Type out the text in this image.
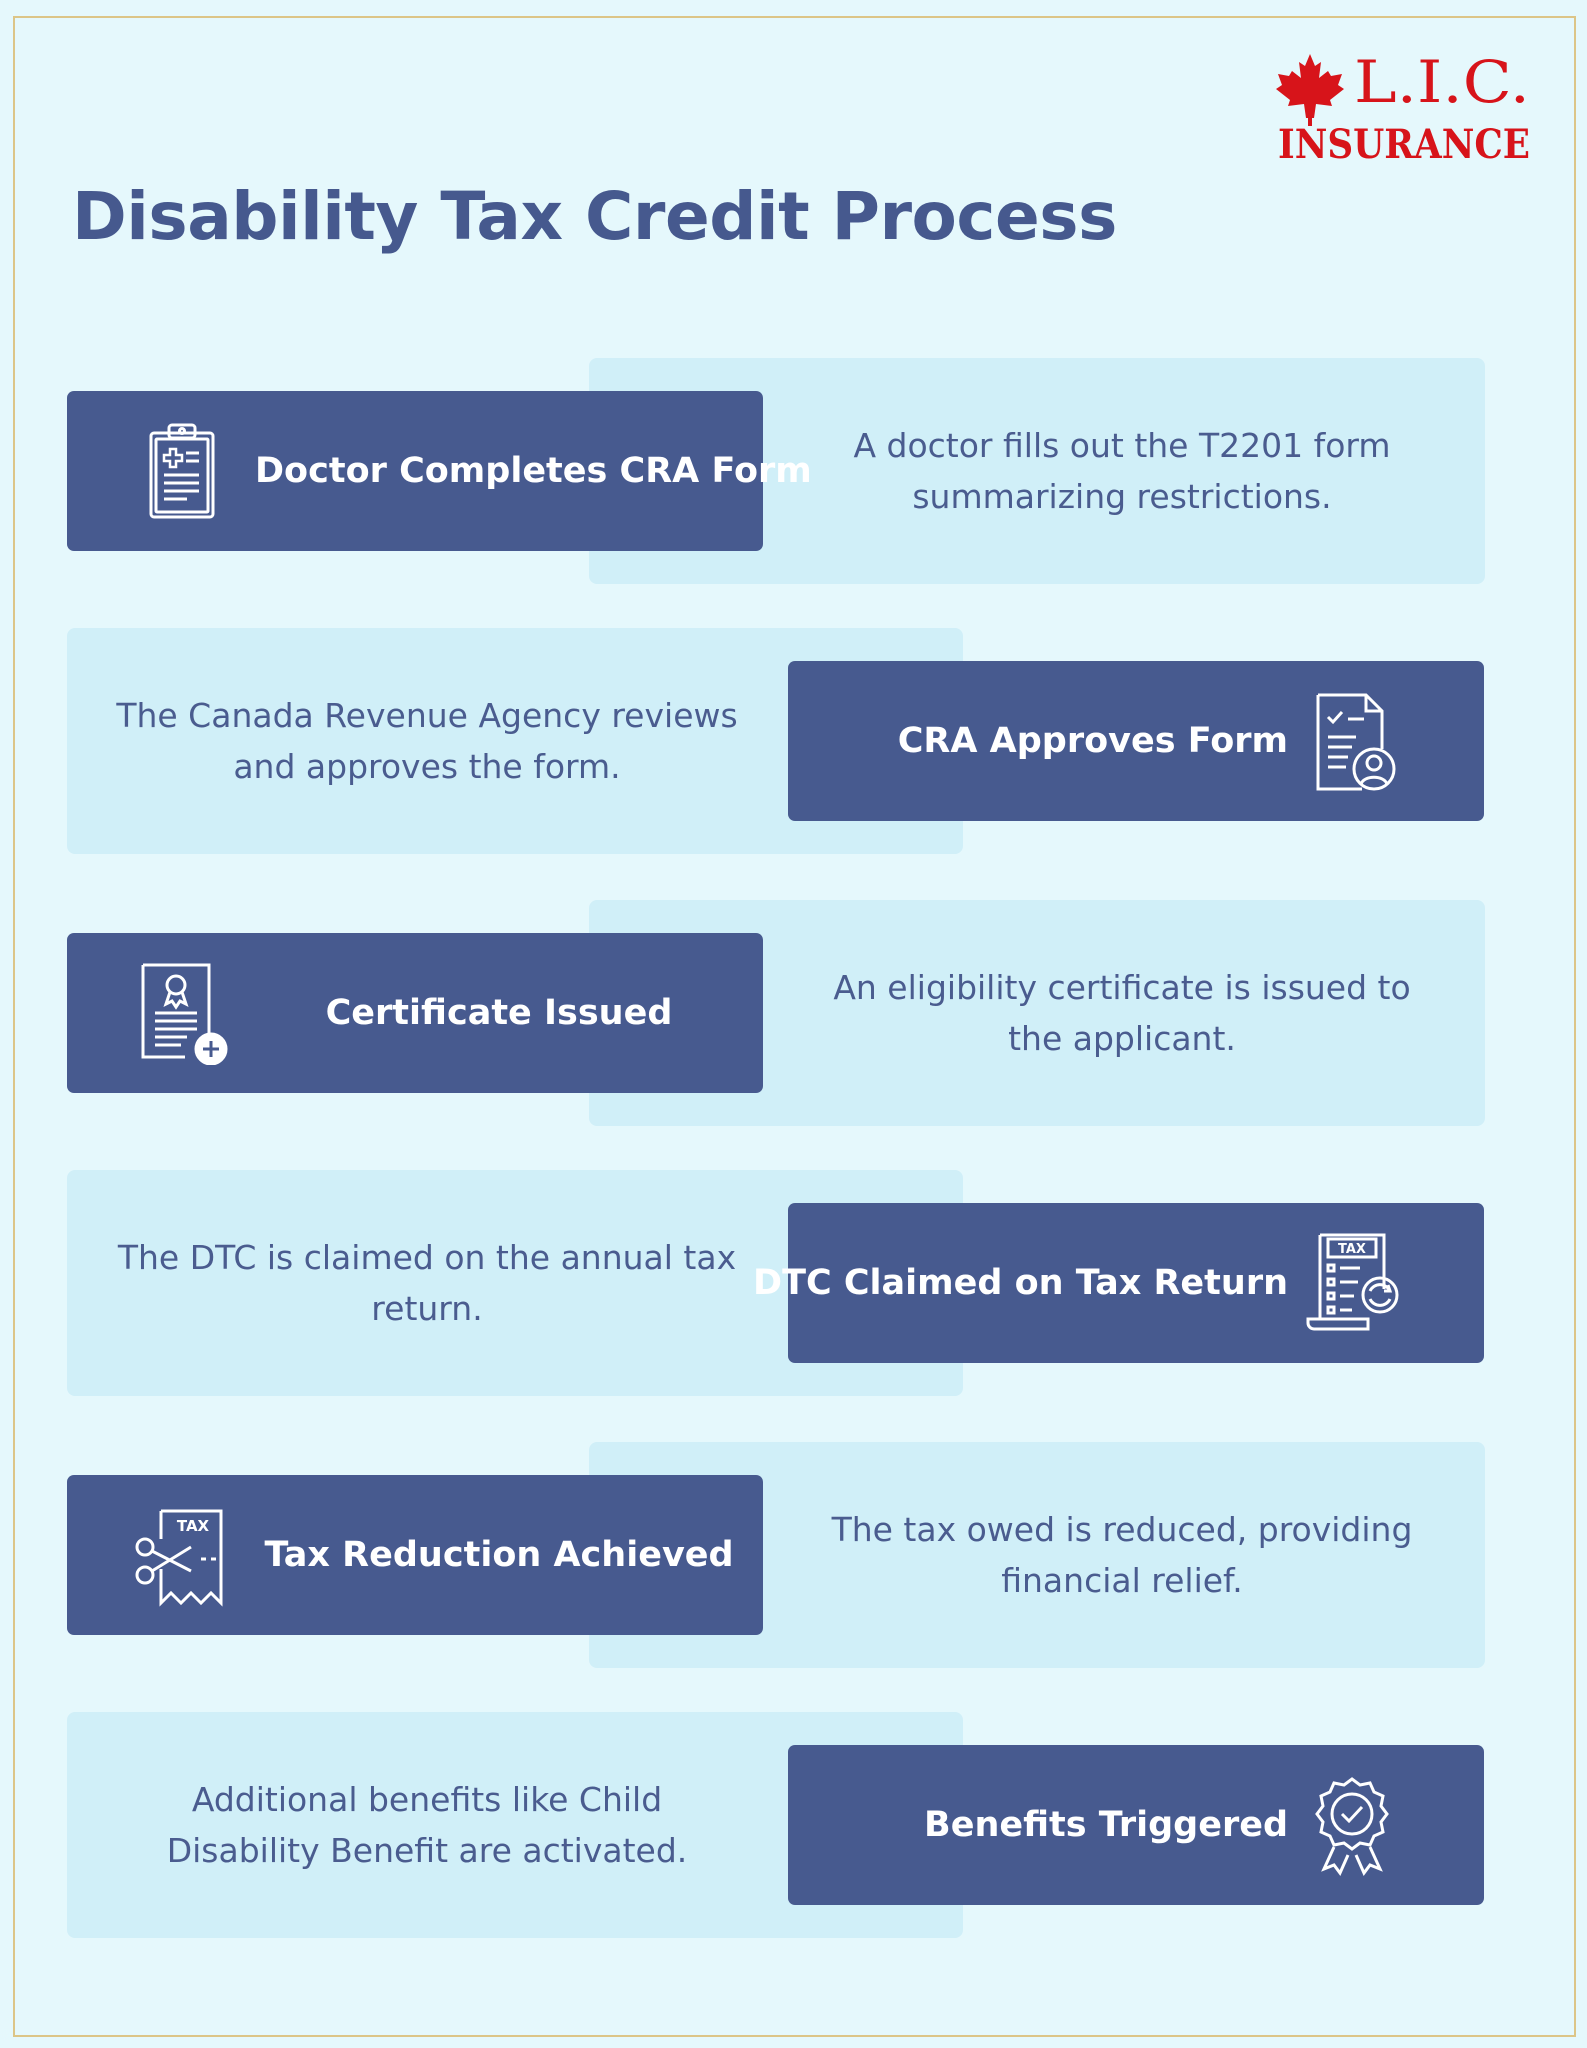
L.I.C.
INSURANCE
Disability Tax Credit Process
A doctor fills out the T2201 form summarizing restrictions.
Doctor Completes CRA Form
The Canada Revenue Agency reviews and approves the form.
CRA Approves Form
An eligibility certificate is issued to the applicant.
Certificate Issued
The DTC is claimed on the annual tax return.
TAX
DTC Claimed on Tax Return
The tax owed is reduced, providing financial relief.
TAX
Tax Reduction Achieved
Additional benefits like Child Disability Benefit are activated.
Benefits Triggered
